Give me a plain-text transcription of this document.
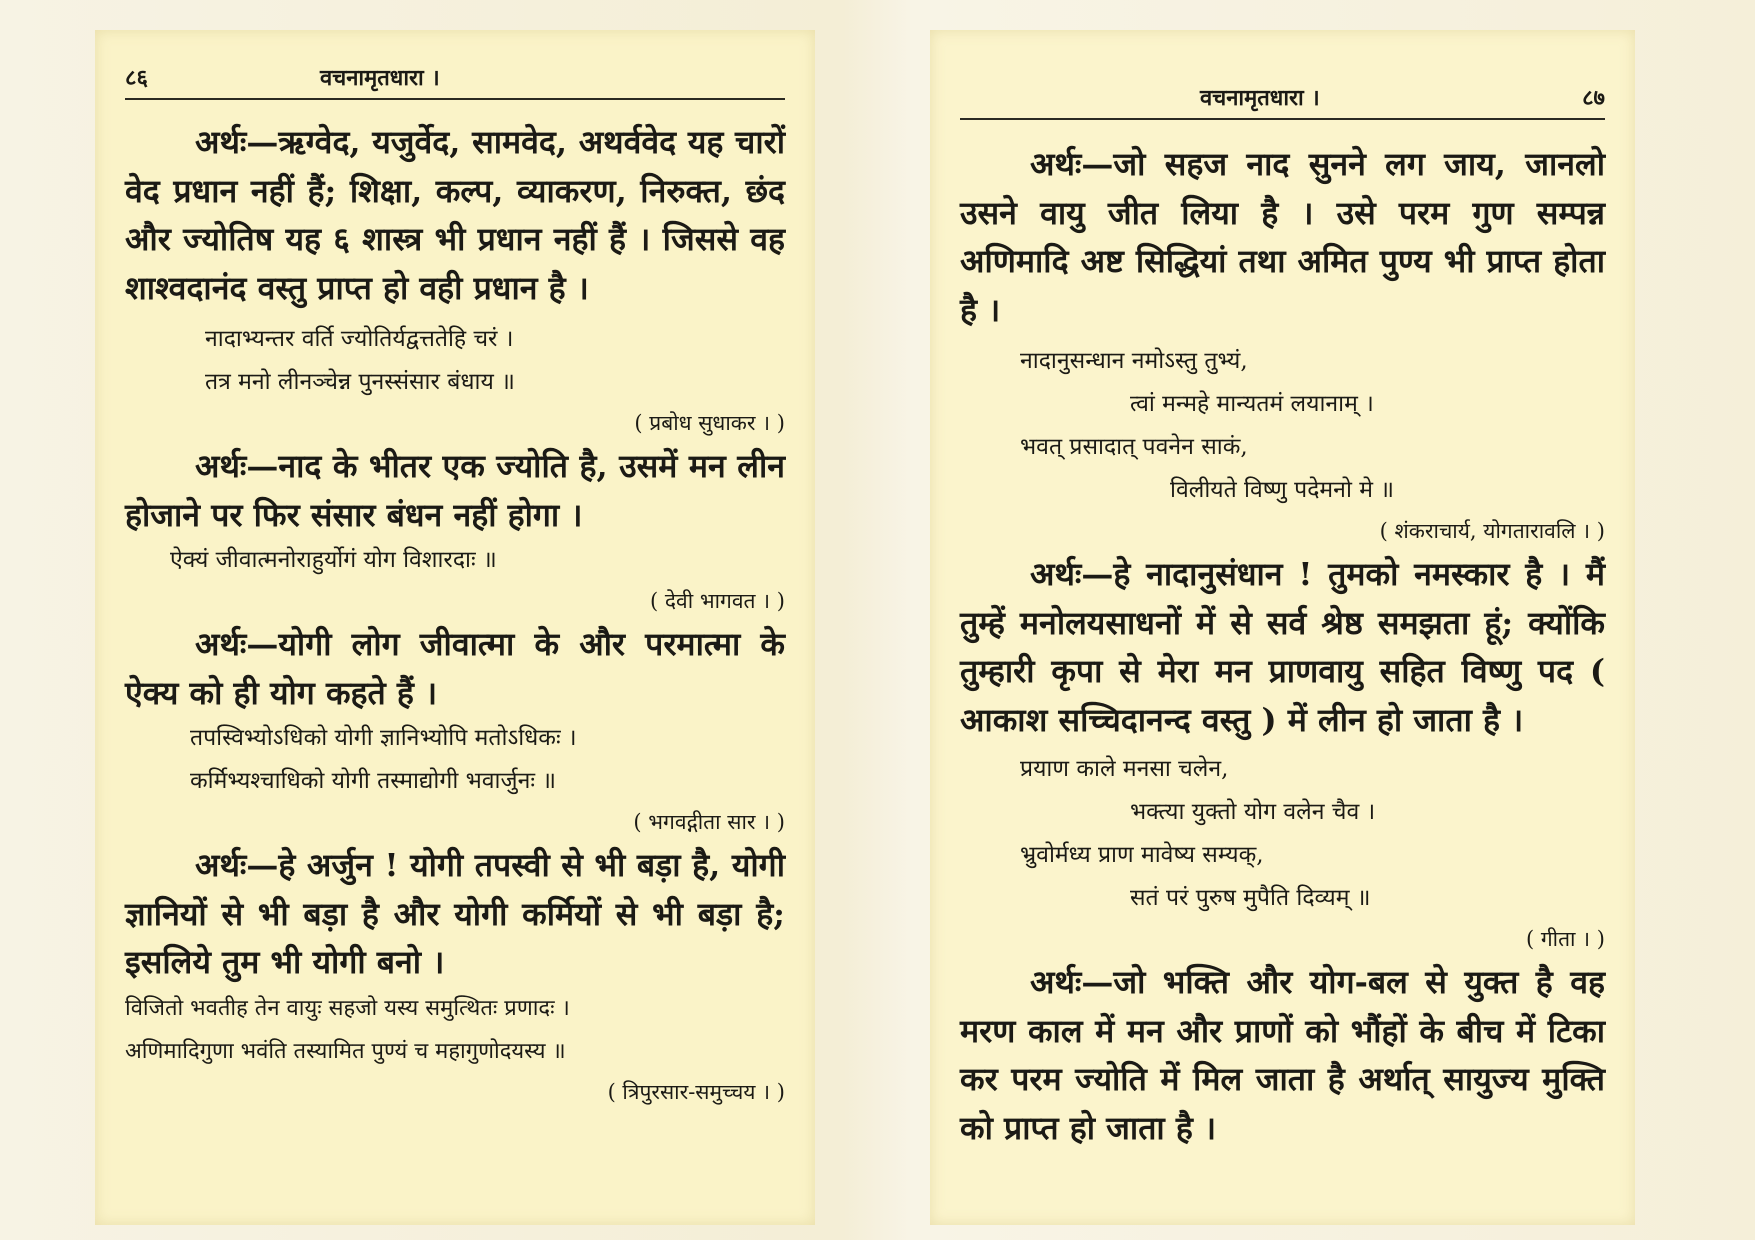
८६	वचनामृतधारा ।

अर्थः—ऋग्वेद, यजुर्वेद, सामवेद, अथर्ववेद यह चारों वेद प्रधान नहीं हैं; शिक्षा, कल्प, व्याकरण, निरुक्त, छंद और ज्योतिष यह ६ शास्त्र भी प्रधान नहीं हैं । जिससे वह शाश्वदानंद वस्तु प्राप्त हो वही प्रधान है ।

नादाभ्यन्तर वर्ति ज्योतिर्यद्वत्ततेहि चरं ।

तत्र मनो लीनञ्चेन्न पुनस्संसार बंधाय ॥

( प्रबोध सुधाकर । )

अर्थः—नाद के भीतर एक ज्योति है, उसमें मन लीन होजाने पर फिर संसार बंधन नहीं होगा ।

ऐक्यं जीवात्मनोराहुर्योगं योग विशारदाः ॥

( देवी भागवत । )

अर्थः—योगी लोग जीवात्मा के और परमात्मा के ऐक्य को ही योग कहते हैं ।

तपस्विभ्योऽधिको योगी ज्ञानिभ्योपि मतोऽधिकः ।

कर्मिभ्यश्चाधिको योगी तस्माद्योगी भवार्जुनः ॥

( भगवद्गीता सार । )

अर्थः—हे अर्जुन ! योगी तपस्वी से भी बड़ा है, योगी ज्ञानियों से भी बड़ा है और योगी कर्मियों से भी बड़ा है; इसलिये तुम भी योगी बनो ।

विजितो भवतीह तेन वायुः सहजो यस्य समुत्थितः प्रणादः ।

अणिमादिगुणा भवंति तस्यामित पुण्यं च महागुणोदयस्य ॥

( त्रिपुरसार-समुच्चय । )

वचनामृतधारा ।	८७

अर्थः—जो सहज नाद सुनने लग जाय, जानलो उसने वायु जीत लिया है । उसे परम गुण सम्पन्न अणिमादि अष्ट सिद्धियां तथा अमित पुण्य भी प्राप्त होता है ।

नादानुसन्धान नमोऽस्तु तुभ्यं,

त्वां मन्महे मान्यतमं लयानाम् ।

भवत् प्रसादात् पवनेन साकं,

विलीयते विष्णु पदेमनो मे ॥

( शंकराचार्य, योगतारावलि । )

अर्थः—हे नादानुसंधान ! तुमको नमस्कार है । मैं तुम्हें मनोलयसाधनों में से सर्व श्रेष्ठ समझता हूं; क्योंकि तुम्हारी कृपा से मेरा मन प्राणवायु सहित विष्णु पद ( आकाश सच्चिदानन्द वस्तु ) में लीन हो जाता है ।

प्रयाण काले मनसा चलेन,

भक्त्या युक्तो योग वलेन चैव ।

भ्रुवोर्मध्य प्राण मावेष्य सम्यक्,

सतं परं पुरुष मुपैति दिव्यम् ॥

( गीता । )

अर्थः—जो भक्ति और योग-बल से युक्त है वह मरण काल में मन और प्राणों को भौंहों के बीच में टिका कर परम ज्योति में मिल जाता है अर्थात् सायुज्य मुक्ति को प्राप्त हो जाता है ।
